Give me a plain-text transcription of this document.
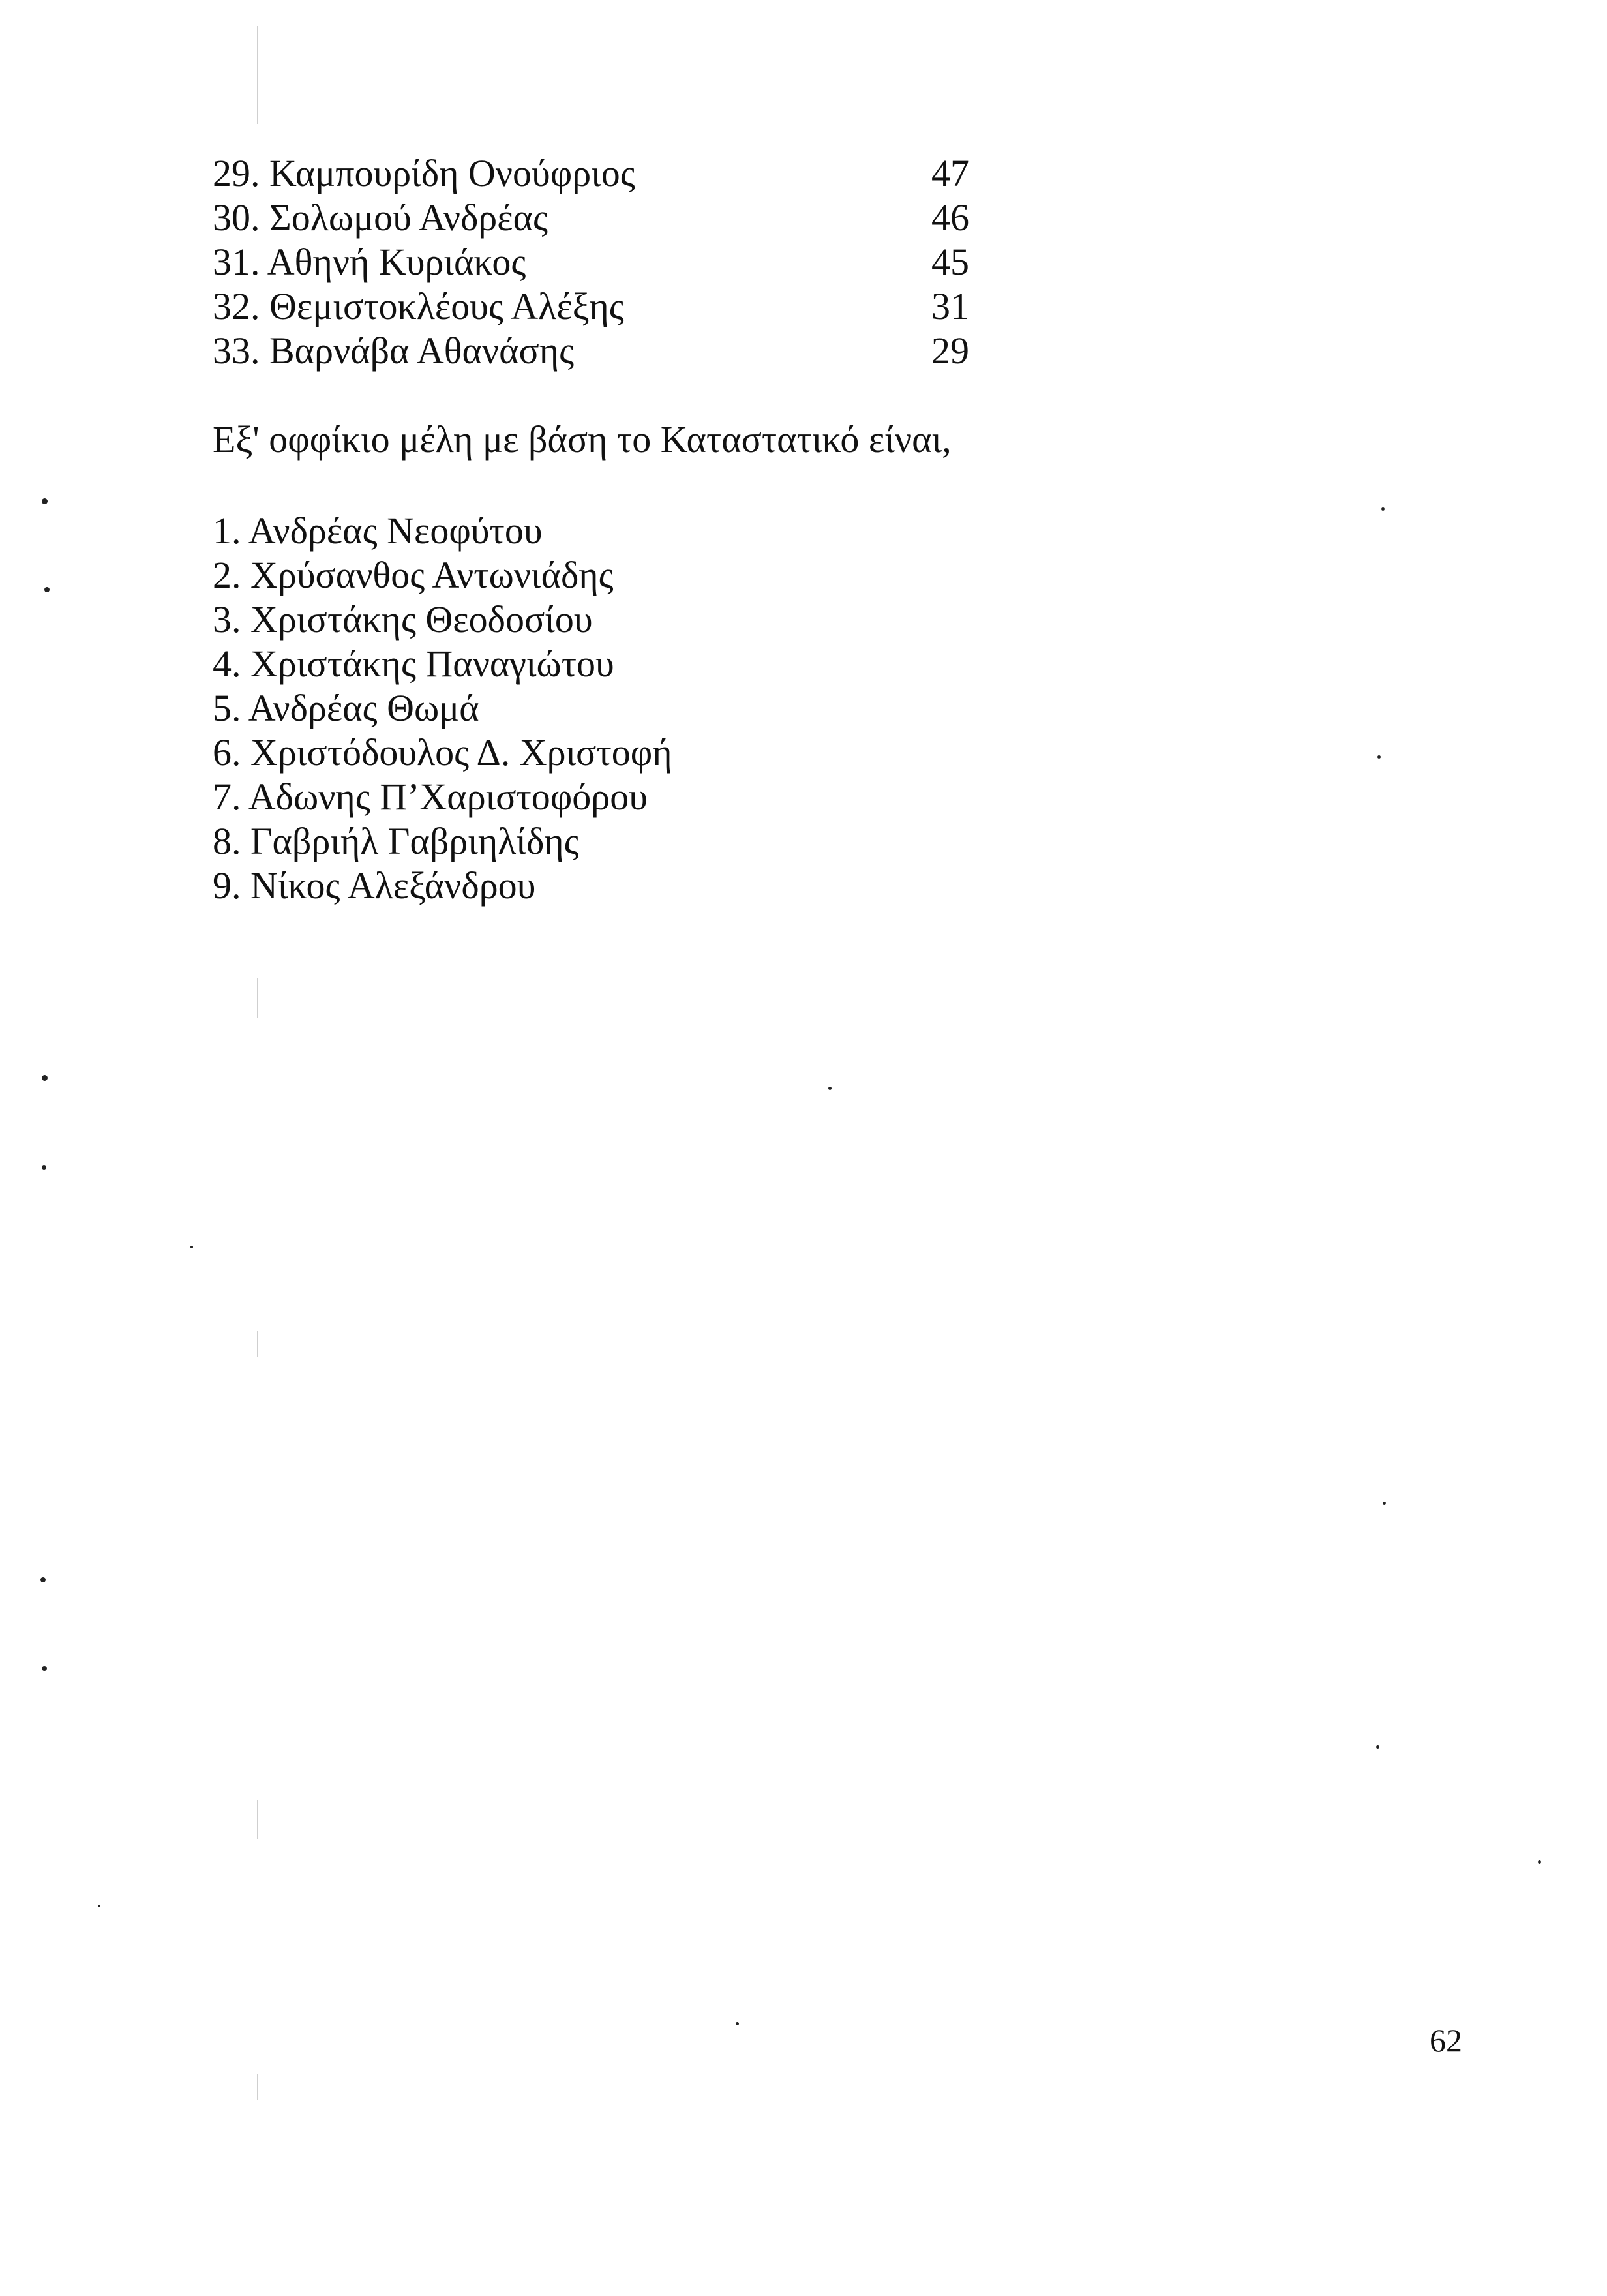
29. Καμπουρίδη Ονούφριος	47
30. Σολωμού Ανδρέας	46
31. Αθηνή Κυριάκος	45
32. Θεμιστοκλέους Αλέξης	31
33. Βαρνάβα Αθανάσης	29
Εξ' οφφίκιο μέλη με βάση το Καταστατικό είναι,
1. Ανδρέας Νεοφύτου
2. Χρύσανθος Αντωνιάδης
3. Χριστάκης Θεοδοσίου
4. Χριστάκης Παναγιώτου
5. Ανδρέας Θωμά
6. Χριστόδουλος Δ. Χριστοφή
7. Αδωνης Π’Χαριστοφόρου
8. Γαβριήλ Γαβριηλίδης
9. Νίκος Αλεξάνδρου
62
